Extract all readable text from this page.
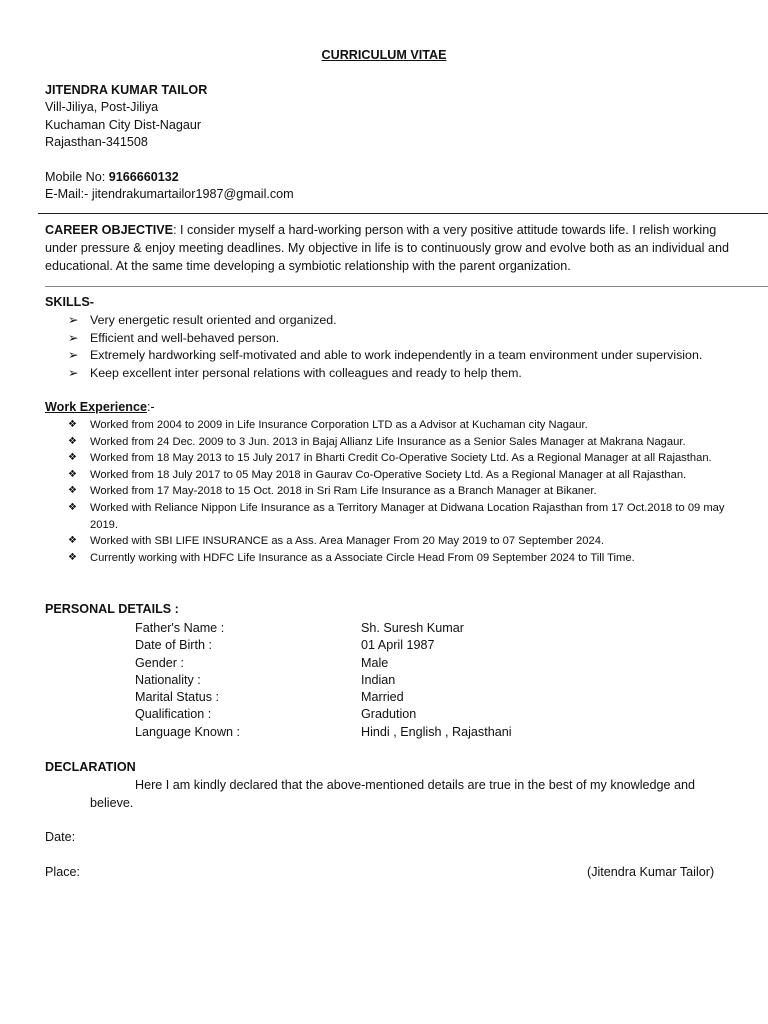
CURRICULUM VITAE
JITENDRA KUMAR TAILOR
Vill-Jiliya, Post-Jiliya
Kuchaman City Dist-Nagaur
Rajasthan-341508
Mobile No: 9166660132
E-Mail:- jitendrakumartailor1987@gmail.com
CAREER OBJECTIVE: I consider myself a hard-working person with a very positive attitude towards life. I relish working under pressure & enjoy meeting deadlines. My objective in life is to continuously grow and evolve both as an individual and educational. At the same time developing a symbiotic relationship with the parent organization.
SKILLS-
➢ Very energetic result oriented and organized.
➢ Efficient and well-behaved person.
➢ Extremely hardworking self-motivated and able to work independently in a team environment under supervision.
➢ Keep excellent inter personal relations with colleagues and ready to help them.
Work Experience:-
❖ Worked from 2004 to 2009 in Life Insurance Corporation LTD as a Advisor at Kuchaman city Nagaur.
❖ Worked from 24 Dec. 2009 to 3 Jun. 2013 in Bajaj Allianz Life Insurance as a Senior Sales Manager at Makrana Nagaur.
❖ Worked from 18 May 2013 to 15 July 2017 in Bharti Credit Co-Operative Society Ltd. As a Regional Manager at all Rajasthan.
❖ Worked from 18 July 2017 to 05 May 2018 in Gaurav Co-Operative Society Ltd. As a Regional Manager at all Rajasthan.
❖ Worked from 17 May-2018 to 15 Oct. 2018 in Sri Ram Life Insurance as a Branch Manager at Bikaner.
❖ Worked with Reliance Nippon Life Insurance as a Territory Manager at Didwana Location Rajasthan from 17 Oct.2018 to 09 may 2019.
❖ Worked with SBI LIFE INSURANCE as a Ass. Area Manager From 20 May 2019 to 07 September 2024.
❖ Currently working with HDFC Life Insurance as a Associate Circle Head From 09 September 2024 to Till Time.
PERSONAL DETAILS :
Father's Name :
Date of Birth :
Gender :
Nationality :
Marital Status :
Qualification :
Language Known :
Sh. Suresh Kumar
01 April 1987
Male
Indian
Married
Gradution
Hindi , English , Rajasthani
DECLARATION
Here I am kindly declared that the above-mentioned details are true in the best of my knowledge and
believe.
Date:
Place:	(Jitendra Kumar Tailor)
